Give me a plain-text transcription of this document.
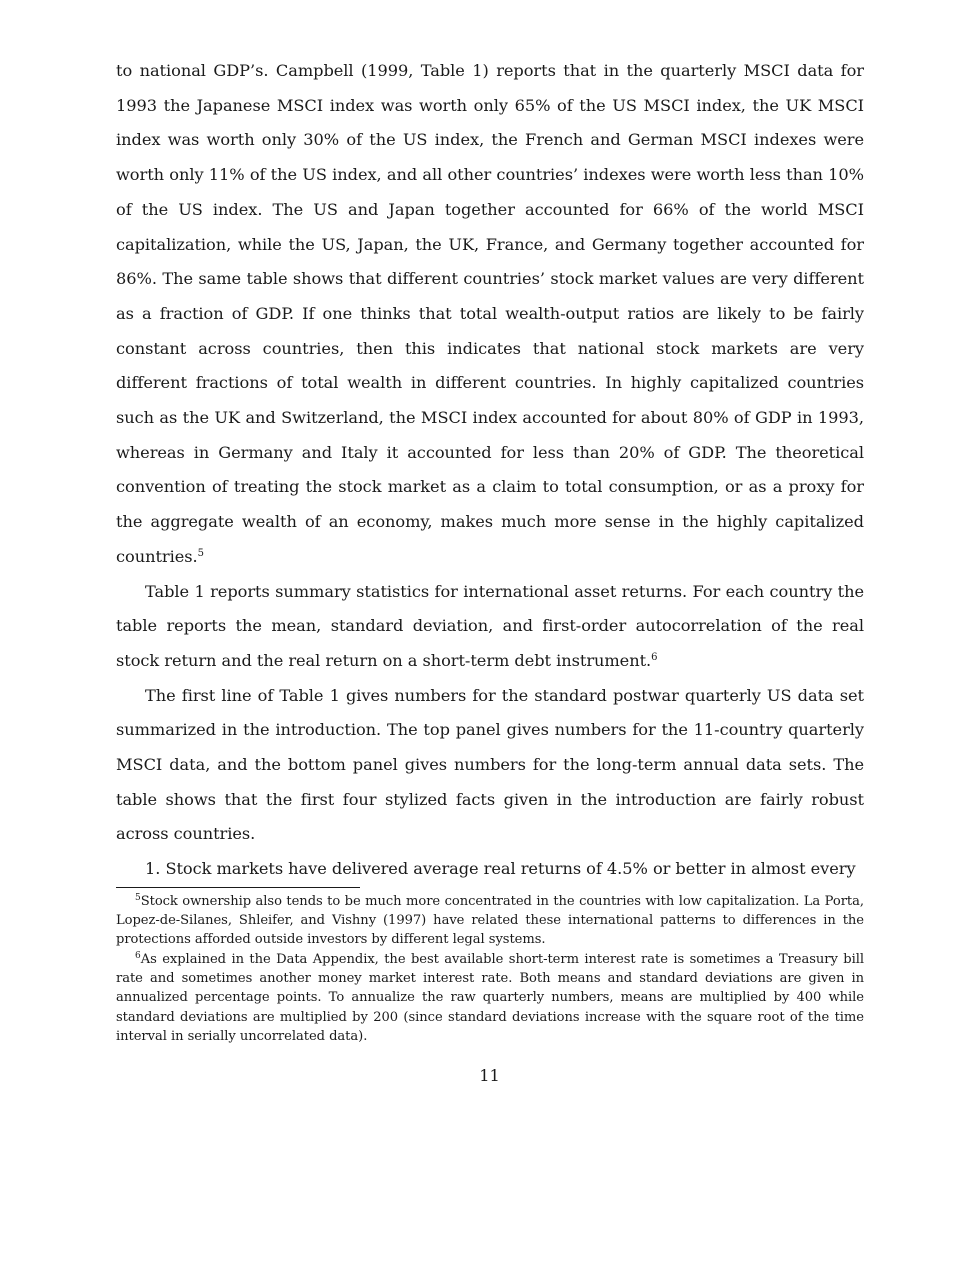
to national GDP’s. Campbell (1999, Table 1) reports that in the quarterly MSCI data for 1993 the Japanese MSCI index was worth only 65% of the US MSCI index, the UK MSCI index was worth only 30% of the US index, the French and German MSCI indexes were worth only 11% of the US index, and all other countries’ indexes were worth less than 10% of the US index. The US and Japan together accounted for 66% of the world MSCI capitalization, while the US, Japan, the UK, France, and Germany together accounted for 86%. The same table shows that different countries’ stock market values are very different as a fraction of GDP. If one thinks that total wealth-output ratios are likely to be fairly constant across countries, then this indicates that national stock markets are very different fractions of total wealth in different countries. In highly capitalized countries such as the UK and Switzerland, the MSCI index accounted for about 80% of GDP in 1993, whereas in Germany and Italy it accounted for less than 20% of GDP. The theoretical convention of treating the stock market as a claim to total consumption, or as a proxy for the aggregate wealth of an economy, makes much more sense in the highly capitalized countries.$^5$

Table 1 reports summary statistics for international asset returns. For each country the table reports the mean, standard deviation, and first-order autocorrelation of the real stock return and the real return on a short-term debt instrument.$^6$

The first line of Table 1 gives numbers for the standard postwar quarterly US data set summarized in the introduction. The top panel gives numbers for the 11-country quarterly MSCI data, and the bottom panel gives numbers for the long-term annual data sets. The table shows that the first four stylized facts given in the introduction are fairly robust across countries.

1. Stock markets have delivered average real returns of 4.5% or better in almost every

$^5$Stock ownership also tends to be much more concentrated in the countries with low capitalization. La Porta, Lopez-de-Silanes, Shleifer, and Vishny (1997) have related these international patterns to differences in the protections afforded outside investors by different legal systems.

$^6$As explained in the Data Appendix, the best available short-term interest rate is sometimes a Treasury bill rate and sometimes another money market interest rate. Both means and standard deviations are given in annualized percentage points. To annualize the raw quarterly numbers, means are multiplied by 400 while standard deviations are multiplied by 200 (since standard deviations increase with the square root of the time interval in serially uncorrelated data).

11
